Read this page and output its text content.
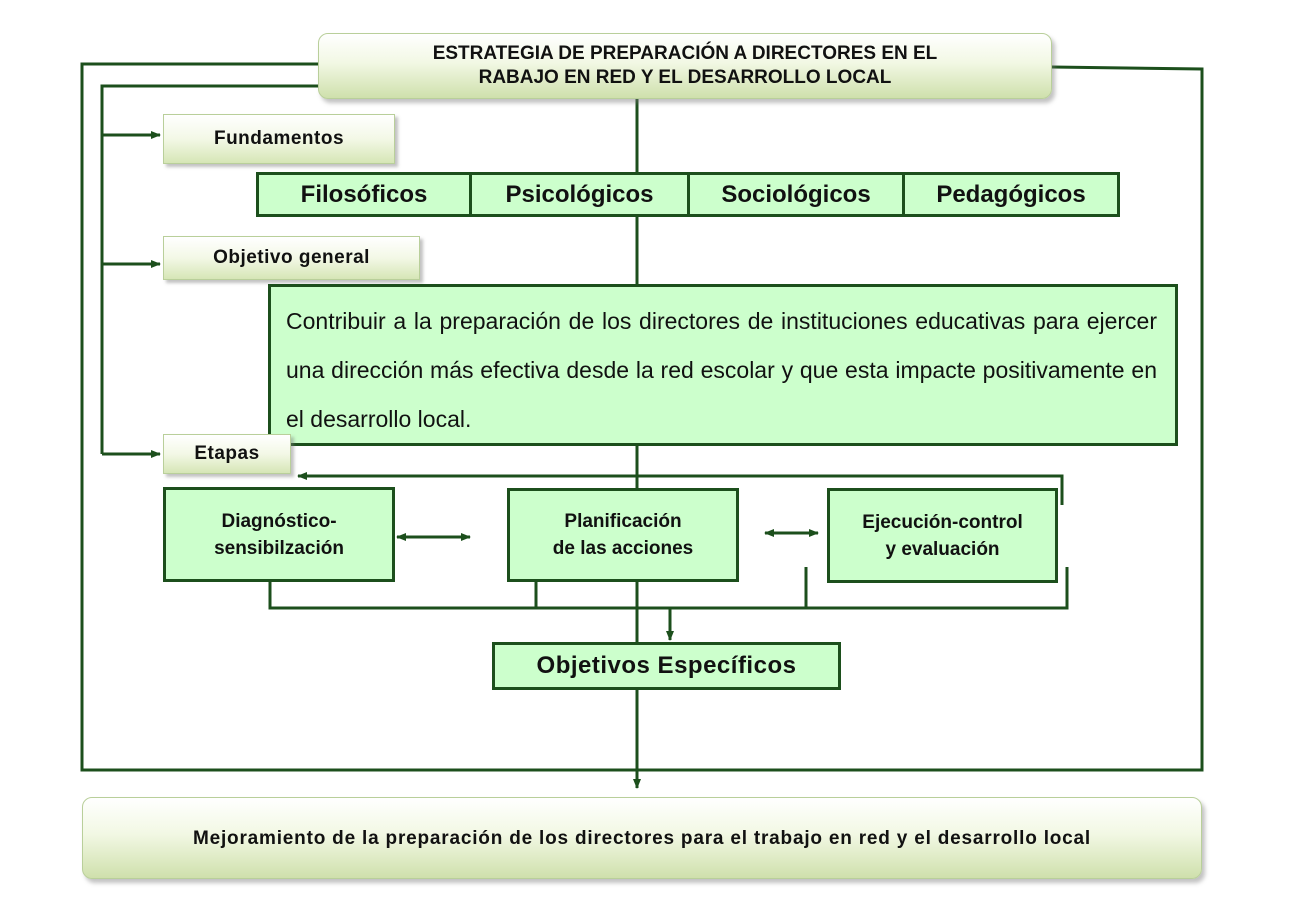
ESTRATEGIA DE PREPARACIÓN A DIRECTORES EN EL
RABAJO EN RED Y EL DESARROLLO LOCAL
Fundamentos
Filosóficos	Psicológicos	Sociológicos	Pedagógicos
Objetivo general
Contribuir a la preparación de los directores de instituciones educativas para ejercer una dirección más efectiva desde la red escolar y que esta impacte positivamente en el desarrollo local.
Etapas
Diagnóstico-
sensibilzación
Planificación
de las acciones
Ejecución-control
y evaluación
Objetivos Específicos
Mejoramiento de la preparación de los directores para el trabajo en red y el desarrollo local
